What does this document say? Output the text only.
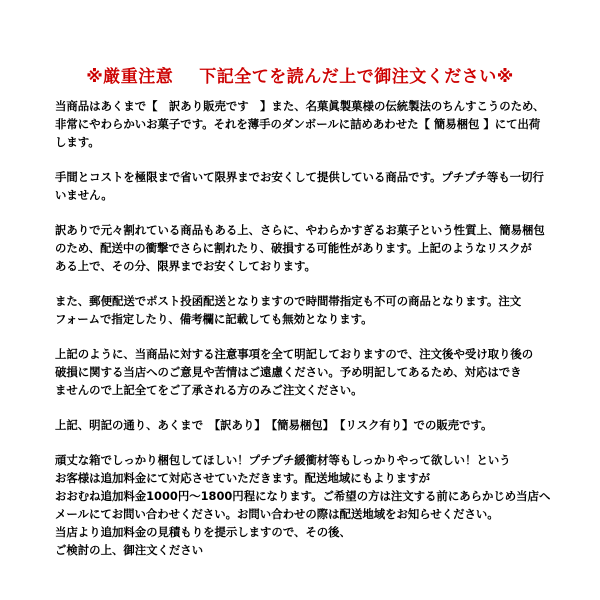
※厳重注意 下記全てを読んだ上で御注文ください※
当商品はあくまで【　訳あり販売です　】また、名菓眞製菓様の伝統製法のちんすこうのため、
非常にやわらかいお菓子です。それを薄手のダンボールに詰めあわせた【 簡易梱包 】にて出荷
します。
手間とコストを極限まで省いて限界までお安くして提供している商品です。プチプチ等も一切行
いません。
訳ありで元々割れている商品もある上、さらに、やわらかすぎるお菓子という性質上、簡易梱包
のため、配送中の衝撃でさらに割れたり、破損する可能性があります。上記のようなリスクが
ある上で、その分、限界までお安くしております。
また、郵便配送でポスト投函配送となりますので時間帯指定も不可の商品となります。注文
フォームで指定したり、備考欄に記載しても無効となります。
上記のように、当商品に対する注意事項を全て明記しておりますので、注文後や受け取り後の
破損に関する当店へのご意見や苦情はご遠慮ください。予め明記してあるため、対応はでき
ませんので上記全てをご了承される方のみご注文ください。
上記、明記の通り、あくまで　【訳あり】　【簡易梱包】　【リスク有り】での販売です。
頑丈な箱でしっかり梱包してほしい！プチプチ緩衝材等もしっかりやって欲しい！という
お客様は追加料金にて対応させていただきます。配送地域にもよりますが
おおむね追加料金1000円〜1800円程になります。ご希望の方は注文する前にあらかじめ当店へ
メールにてお問い合わせください。お問い合わせの際は配送地域をお知らせください。
当店より追加料金の見積もりを提示しますので、その後、
ご検討の上、御注文ください
